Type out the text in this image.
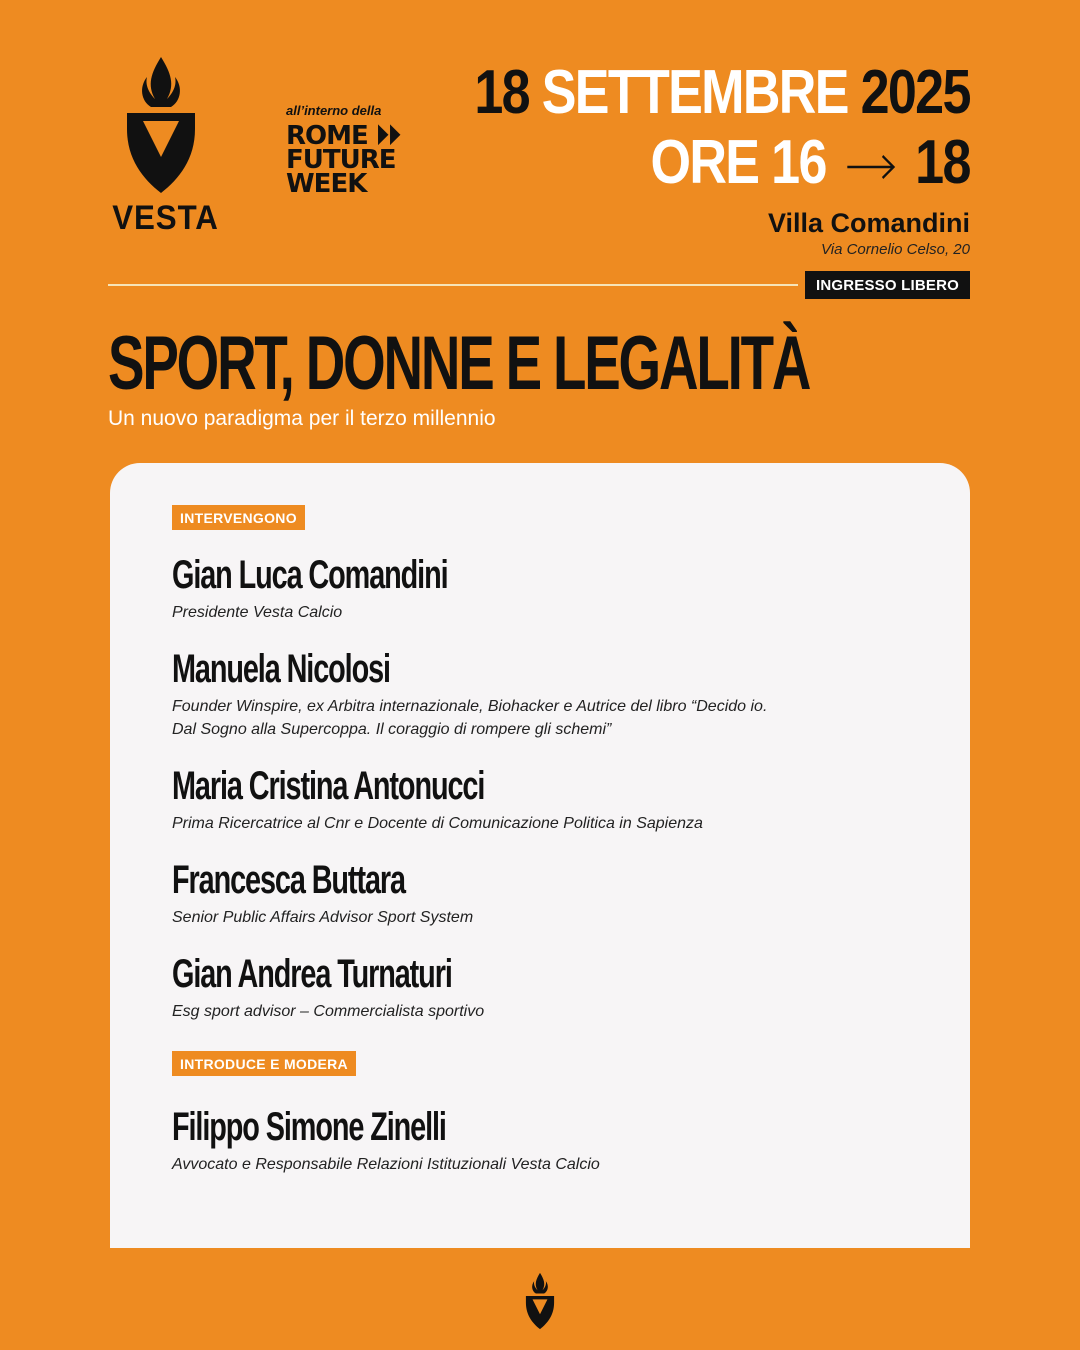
VESTA
all’interno della
ROME ⏵⏵
FUTURE
WEEK
18 SETTEMBRE 2025
ORE 16 18
Villa Comandini
Via Cornelio Celso, 20
INGRESSO LIBERO
SPORT, DONNE E LEGALITÀ

Un nuovo paradigma per il terzo millennio

INTERVENGONO
Gian Luca Comandini
Presidente Vesta Calcio
Manuela Nicolosi
Founder Winspire, ex Arbitra internazionale, Biohacker e Autrice del libro “Decido io.
Dal Sogno alla Supercoppa. Il coraggio di rompere gli schemi”
Maria Cristina Antonucci
Prima Ricercatrice al Cnr e Docente di Comunicazione Politica in Sapienza
Francesca Buttara
Senior Public Affairs Advisor Sport System
Gian Andrea Turnaturi
Esg sport advisor – Commercialista sportivo
INTRODUCE E MODERA
Filippo Simone Zinelli
Avvocato e Responsabile Relazioni Istituzionali Vesta Calcio
